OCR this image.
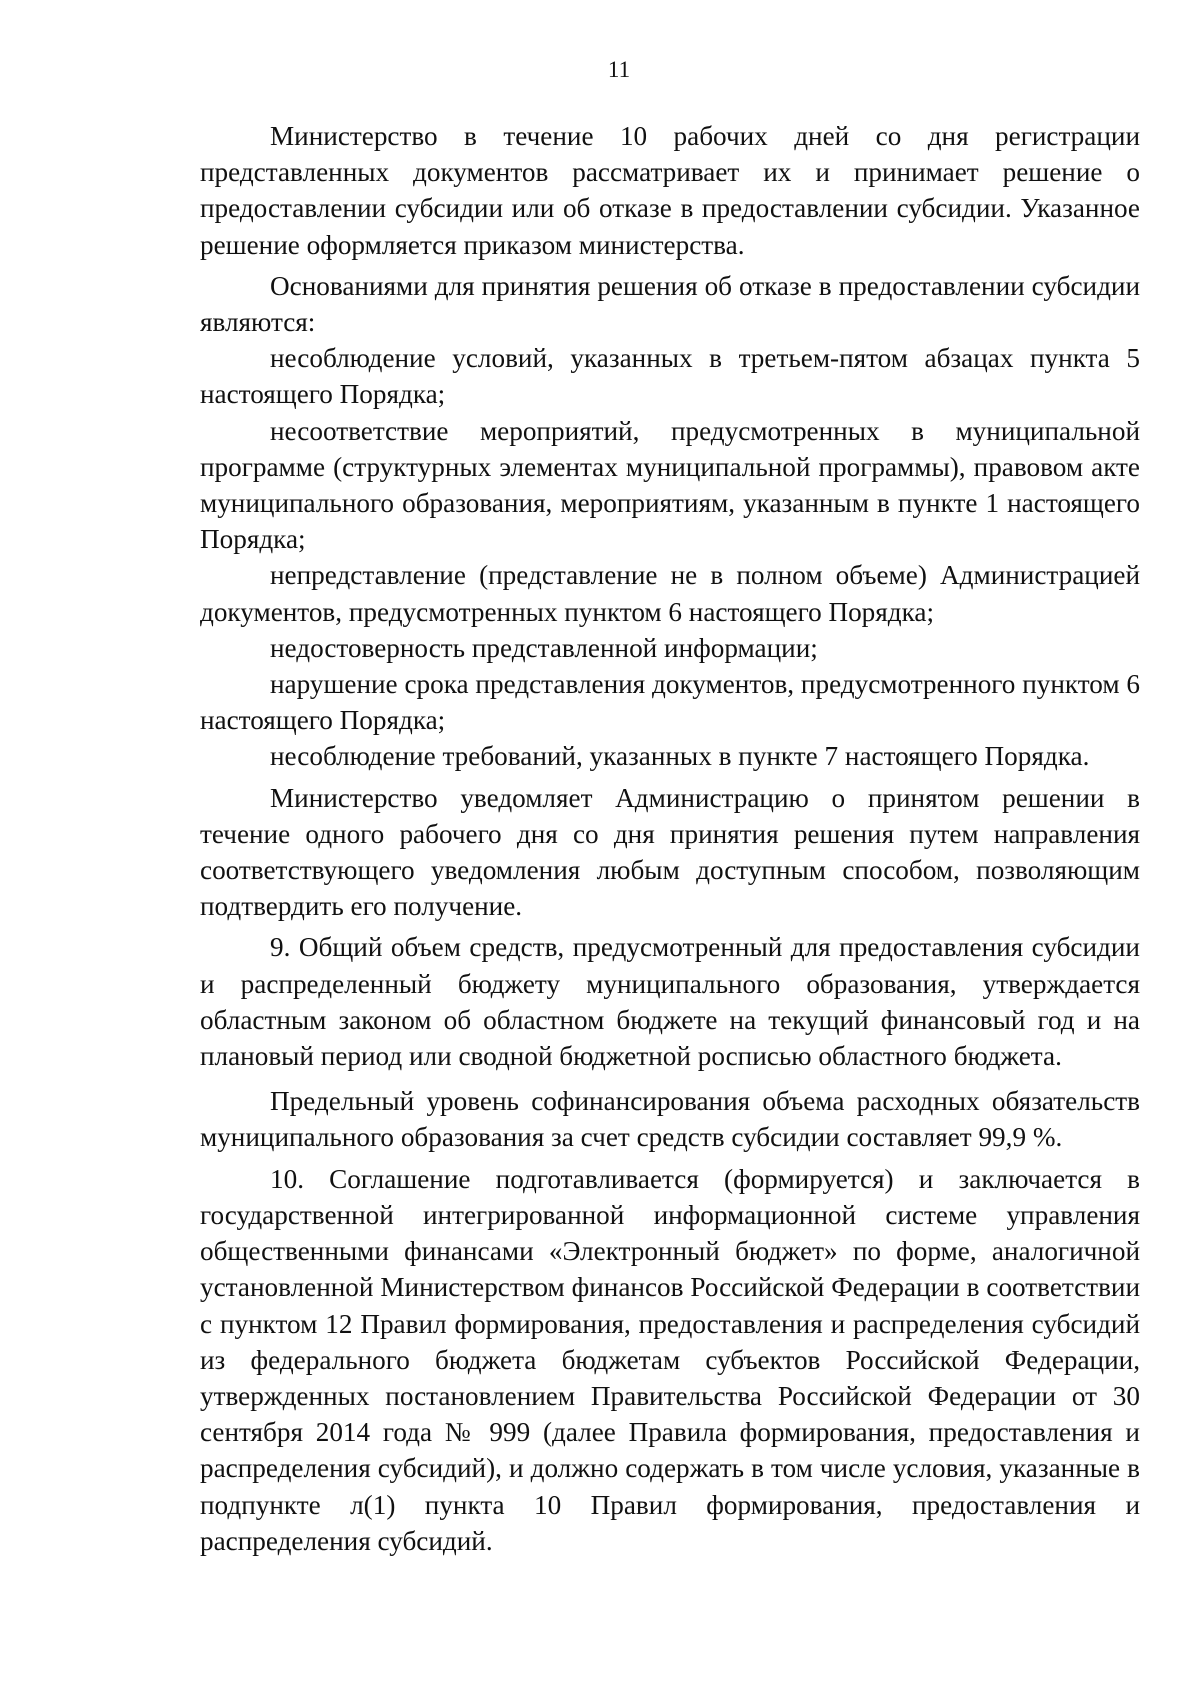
11

Министерство в течение 10 рабочих дней со дня регистрации представленных документов рассматривает их и принимает решение о предоставлении субсидии или об отказе в предоставлении субсидии. Указанное решение оформляется приказом министерства.

Основаниями для принятия решения об отказе в предоставлении субсидии являются:

несоблюдение условий, указанных в третьем-пятом абзацах пункта 5 настоящего Порядка;

несоответствие мероприятий, предусмотренных в муниципальной программе (структурных элементах муниципальной программы), правовом акте муниципального образования, мероприятиям, указанным в пункте 1 настоящего Порядка;

непредставление (представление не в полном объеме) Администрацией документов, предусмотренных пунктом 6 настоящего Порядка;

недостоверность представленной информации;

нарушение срока представления документов, предусмотренного пунктом 6 настоящего Порядка;

несоблюдение требований, указанных в пункте 7 настоящего Порядка.

Министерство уведомляет Администрацию о принятом решении в течение одного рабочего дня со дня принятия решения путем направления соответствующего уведомления любым доступным способом, позволяющим подтвердить его получение.

9. Общий объем средств, предусмотренный для предоставления субсидии и распределенный бюджету муниципального образования, утверждается областным законом об областном бюджете на текущий финансовый год и на плановый период или сводной бюджетной росписью областного бюджета.

Предельный уровень софинансирования объема расходных обязательств муниципального образования за счет средств субсидии составляет 99,9 %.

10. Соглашение подготавливается (формируется) и заключается в государственной интегрированной информационной системе управления общественными финансами «Электронный бюджет» по форме, аналогичной установленной Министерством финансов Российской Федерации в соответствии с пунктом 12 Правил формирования, предоставления и распределения субсидий из федерального бюджета бюджетам субъектов Российской Федерации, утвержденных постановлением Правительства Российской Федерации от 30 сентября 2014 года № 999 (далее Правила формирования, предоставления и распределения субсидий), и должно содержать в том числе условия, указанные в подпункте л(1) пункта 10 Правил формирования, предоставления и распределения субсидий.
